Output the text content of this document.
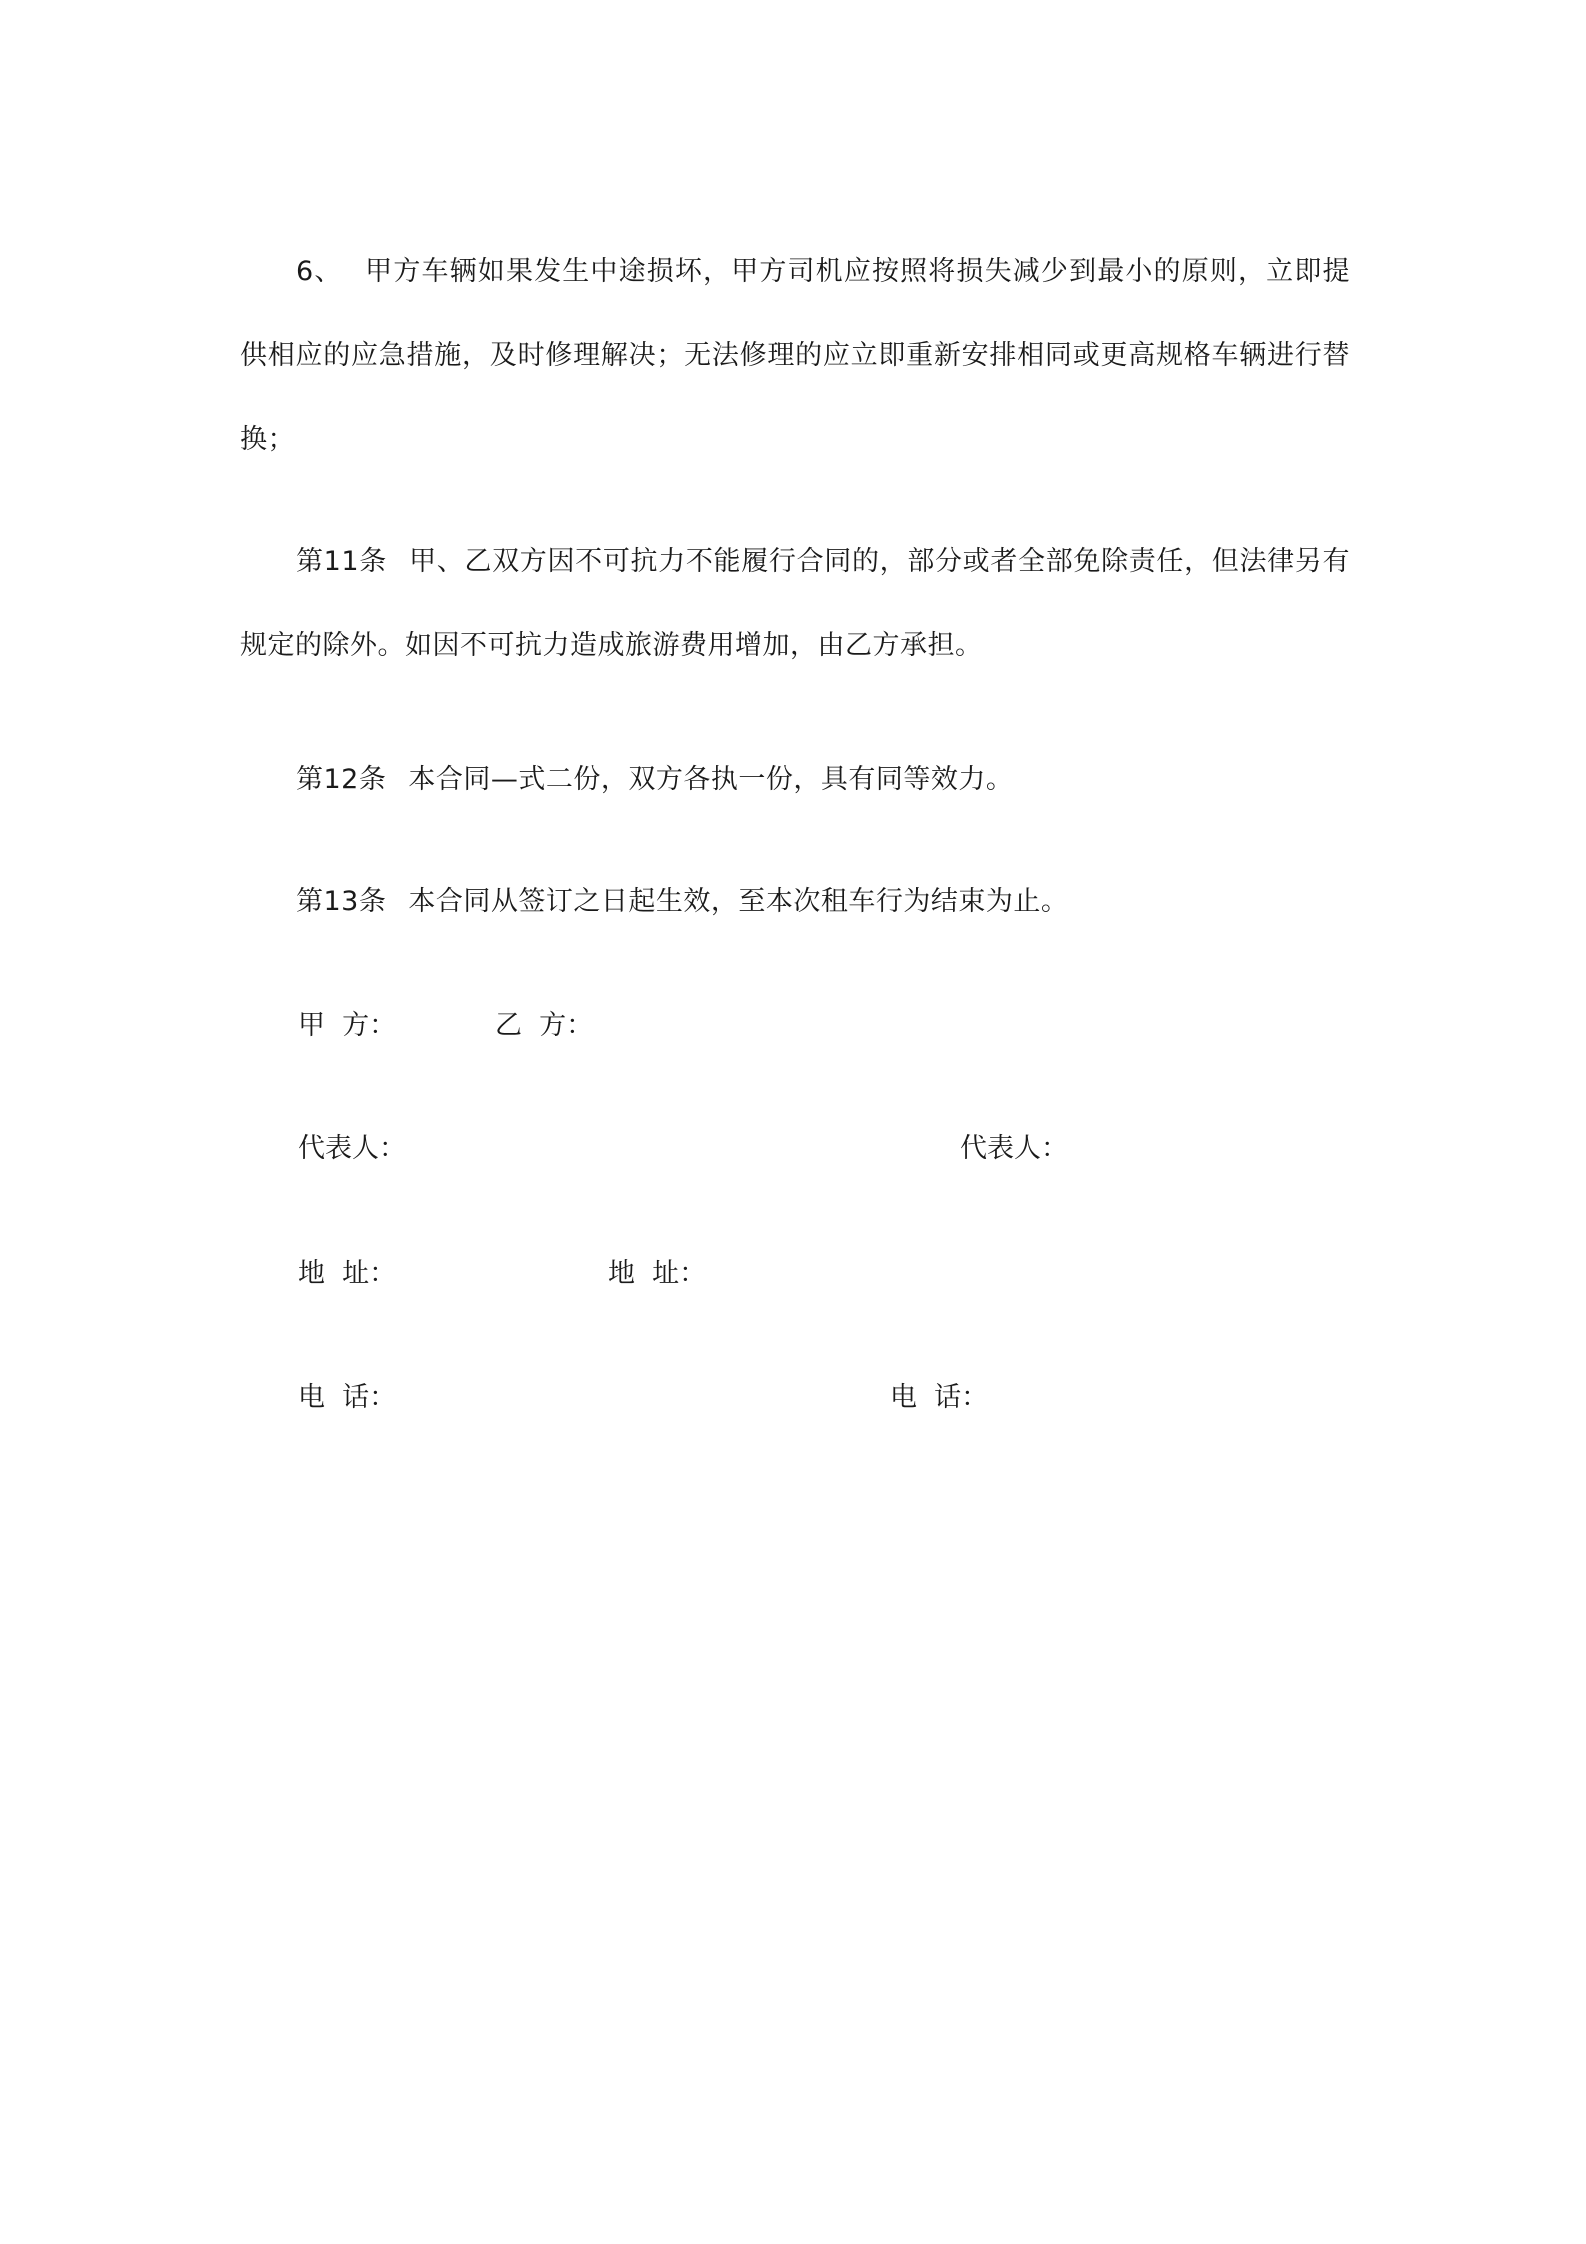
6、 甲方车辆如果发生中途损坏，甲方司机应按照将损失减少到最小的原则，立即提供相应的应急措施，及时修理解决；无法修理的应立即重新安排相同或更高规格车辆进行替换；
第11条 甲、乙双方因不可抗力不能履行合同的，部分或者全部免除责任，但法律另有规定的除外。如因不可抗力造成旅游费用增加，由乙方承担。
第12条 本合同—式二份，双方各执一份，具有同等效力。
第13条 本合同从签订之日起生效，至本次租车行为结束为止。
甲  方：	乙  方：
代表人：	代表人：
地  址：	地  址：
电  话：	电  话：
